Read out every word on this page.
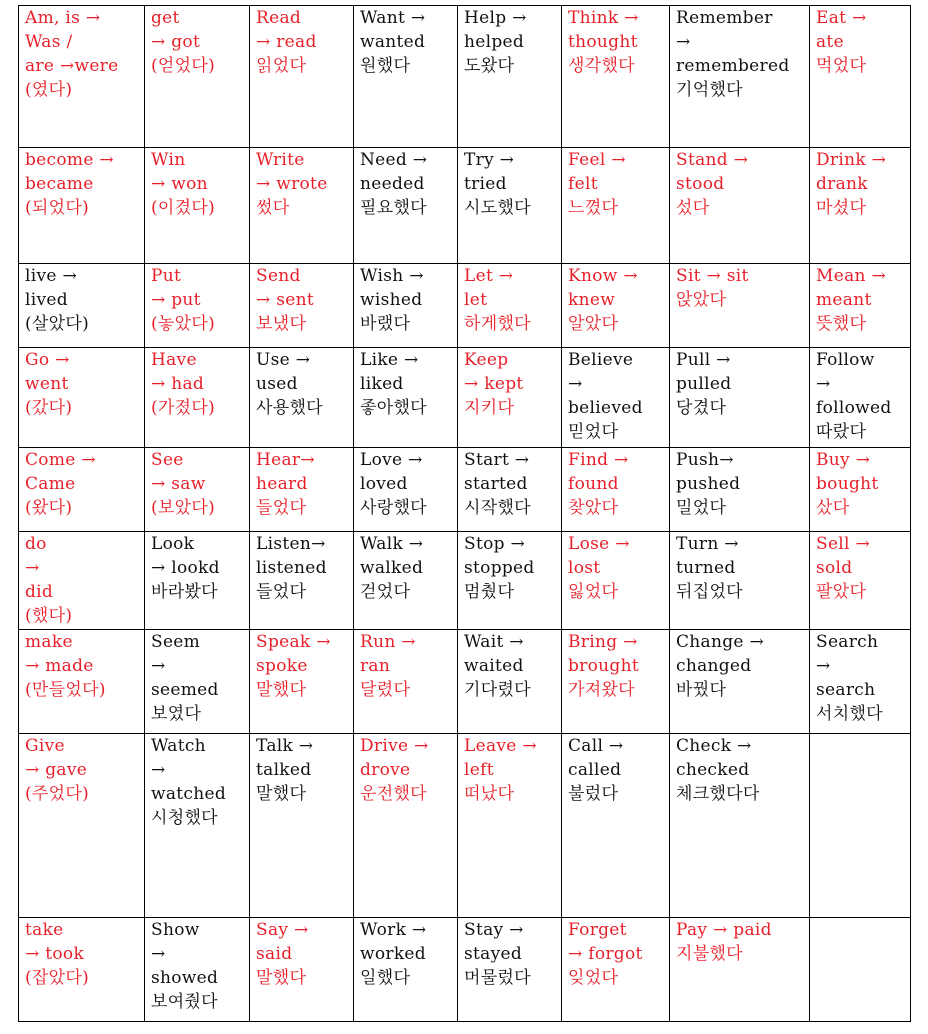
Am, is →
Was /
are →were
(였다)	get
→ got
(얻었다)	Read
→ read
읽었다	Want →
wanted
원했다	Help →
helped
도왔다	Think →
thought
생각했다	Remember
→
remembered
기억했다	Eat →
ate
먹었다

become →
became
(되었다)	Win
→ won
(이겼다)	Write
→ wrote
썼다	Need →
needed
필요했다	Try →
tried
시도했다	Feel →
felt
느꼈다	Stand →
stood
섰다	Drink →
drank
마셨다

live →
lived
(살았다)	Put
→ put
(놓았다)	Send
→ sent
보냈다	Wish →
wished
바랬다	Let →
let
하게했다	Know →
knew
알았다	Sit → sit
앉았다	Mean →
meant
뜻했다

Go →
went
(갔다)	Have
→ had
(가졌다)	Use →
used
사용했다	Like →
liked
좋아했다	Keep
→ kept
지키다	Believe
→
believed
믿었다	Pull →
pulled
당겼다	Follow
→
followed
따랐다

Come →
Came
(왔다)	See
→ saw
(보았다)	Hear→
heard
들었다	Love →
loved
사랑했다	Start →
started
시작했다	Find →
found
찾았다	Push→
pushed
밀었다	Buy →
bought
샀다

do
→
did
(했다)	Look
→ lookd
바라봤다	Listen→
listened
들었다	Walk →
walked
걷었다	Stop →
stopped
멈췄다	Lose →
lost
잃었다	Turn →
turned
뒤집었다	Sell →
sold
팔았다

make
→ made
(만들었다)	Seem
→
seemed
보였다	Speak →
spoke
말했다	Run →
ran
달렸다	Wait →
waited
기다렸다	Bring →
brought
가져왔다	Change →
changed
바꿨다	Search
→
search
서치했다

Give
→ gave
(주었다)	Watch
→
watched
시청했다	Talk →
talked
말했다	Drive →
drove
운전했다	Leave →
left
떠났다	Call →
called
불렀다	Check →
checked
체크했다다	

take
→ took
(잡았다)	Show
→
showed
보여줬다	Say →
said
말했다	Work →
worked
일했다	Stay →
stayed
머물렀다	Forget
→ forgot
잊었다	Pay → paid
지불했다	
